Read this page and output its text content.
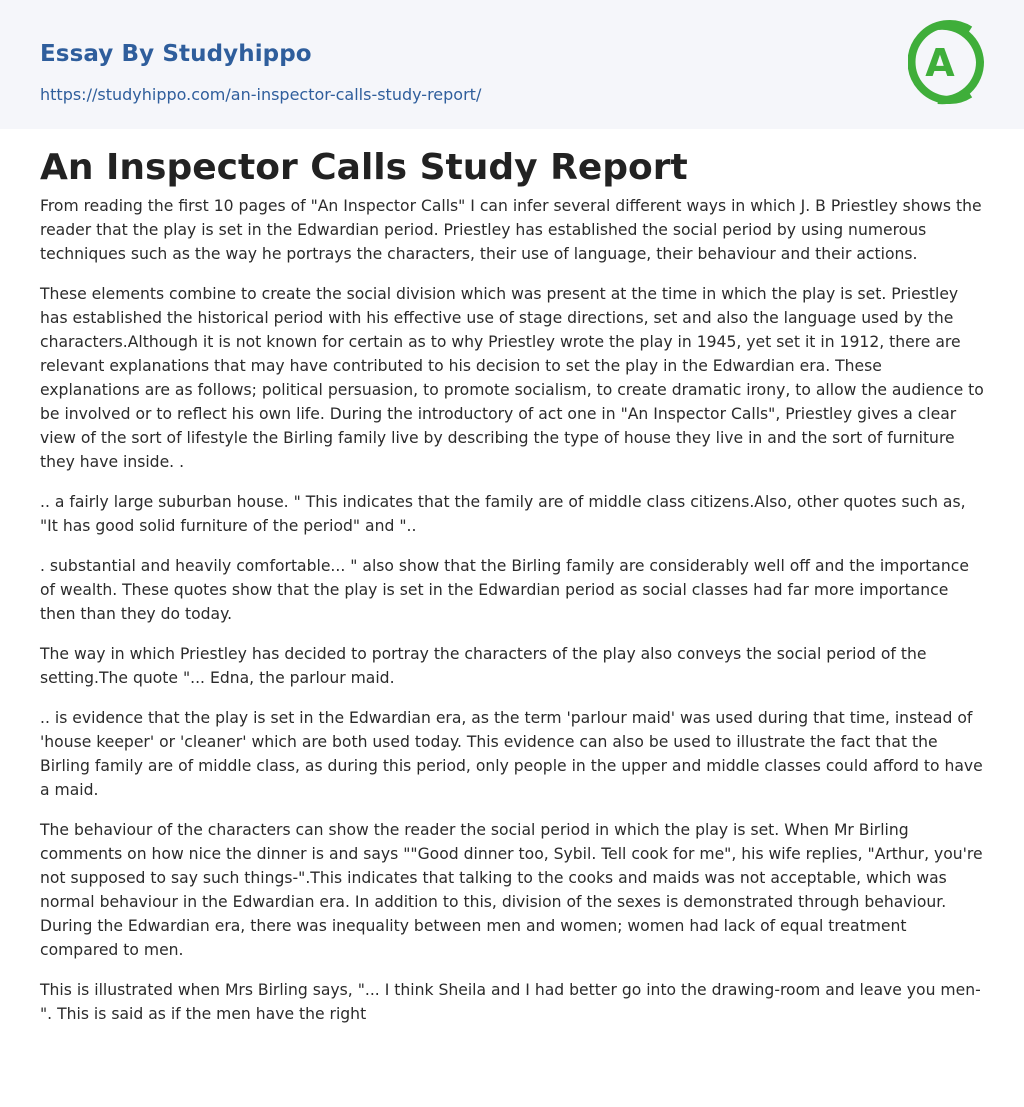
Essay By Studyhippo
https://studyhippo.com/an-inspector-calls-study-report/
A
An Inspector Calls Study Report

From reading the first 10 pages of "An Inspector Calls" I can infer several different ways in which J. B Priestley shows the reader that the play is set in the Edwardian period. Priestley has established the social period by using numerous techniques such as the way he portrays the characters, their use of language, their behaviour and their actions.

These elements combine to create the social division which was present at the time in which the play is set. Priestley has established the historical period with his effective use of stage directions, set and also the language used by the characters.Although it is not known for certain as to why Priestley wrote the play in 1945, yet set it in 1912, there are relevant explanations that may have contributed to his decision to set the play in the Edwardian era. These explanations are as follows; political persuasion, to promote socialism, to create dramatic irony, to allow the audience to be involved or to reflect his own life. During the introductory of act one in "An Inspector Calls", Priestley gives a clear view of the sort of lifestyle the Birling family live by describing the type of house they live in and the sort of furniture they have inside. .

.. a fairly large suburban house. " This indicates that the family are of middle class citizens.Also, other quotes such as, "It has good solid furniture of the period" and "..

. substantial and heavily comfortable... " also show that the Birling family are considerably well off and the importance of wealth. These quotes show that the play is set in the Edwardian period as social classes had far more importance then than they do today.

The way in which Priestley has decided to portray the characters of the play also conveys the social period of the setting.The quote "... Edna, the parlour maid.

.. is evidence that the play is set in the Edwardian era, as the term 'parlour maid' was used during that time, instead of 'house keeper' or 'cleaner' which are both used today. This evidence can also be used to illustrate the fact that the Birling family are of middle class, as during this period, only people in the upper and middle classes could afford to have a maid.

The behaviour of the characters can show the reader the social period in which the play is set. When Mr Birling comments on how nice the dinner is and says ""Good dinner too, Sybil. Tell cook for me", his wife replies, "Arthur, you're not supposed to say such things-".This indicates that talking to the cooks and maids was not acceptable, which was normal behaviour in the Edwardian era. In addition to this, division of the sexes is demonstrated through behaviour. During the Edwardian era, there was inequality between men and women; women had lack of equal treatment compared to men.

This is illustrated when Mrs Birling says, "... I think Sheila and I had better go into the drawing-room and leave you men-". This is said as if the men have the right
